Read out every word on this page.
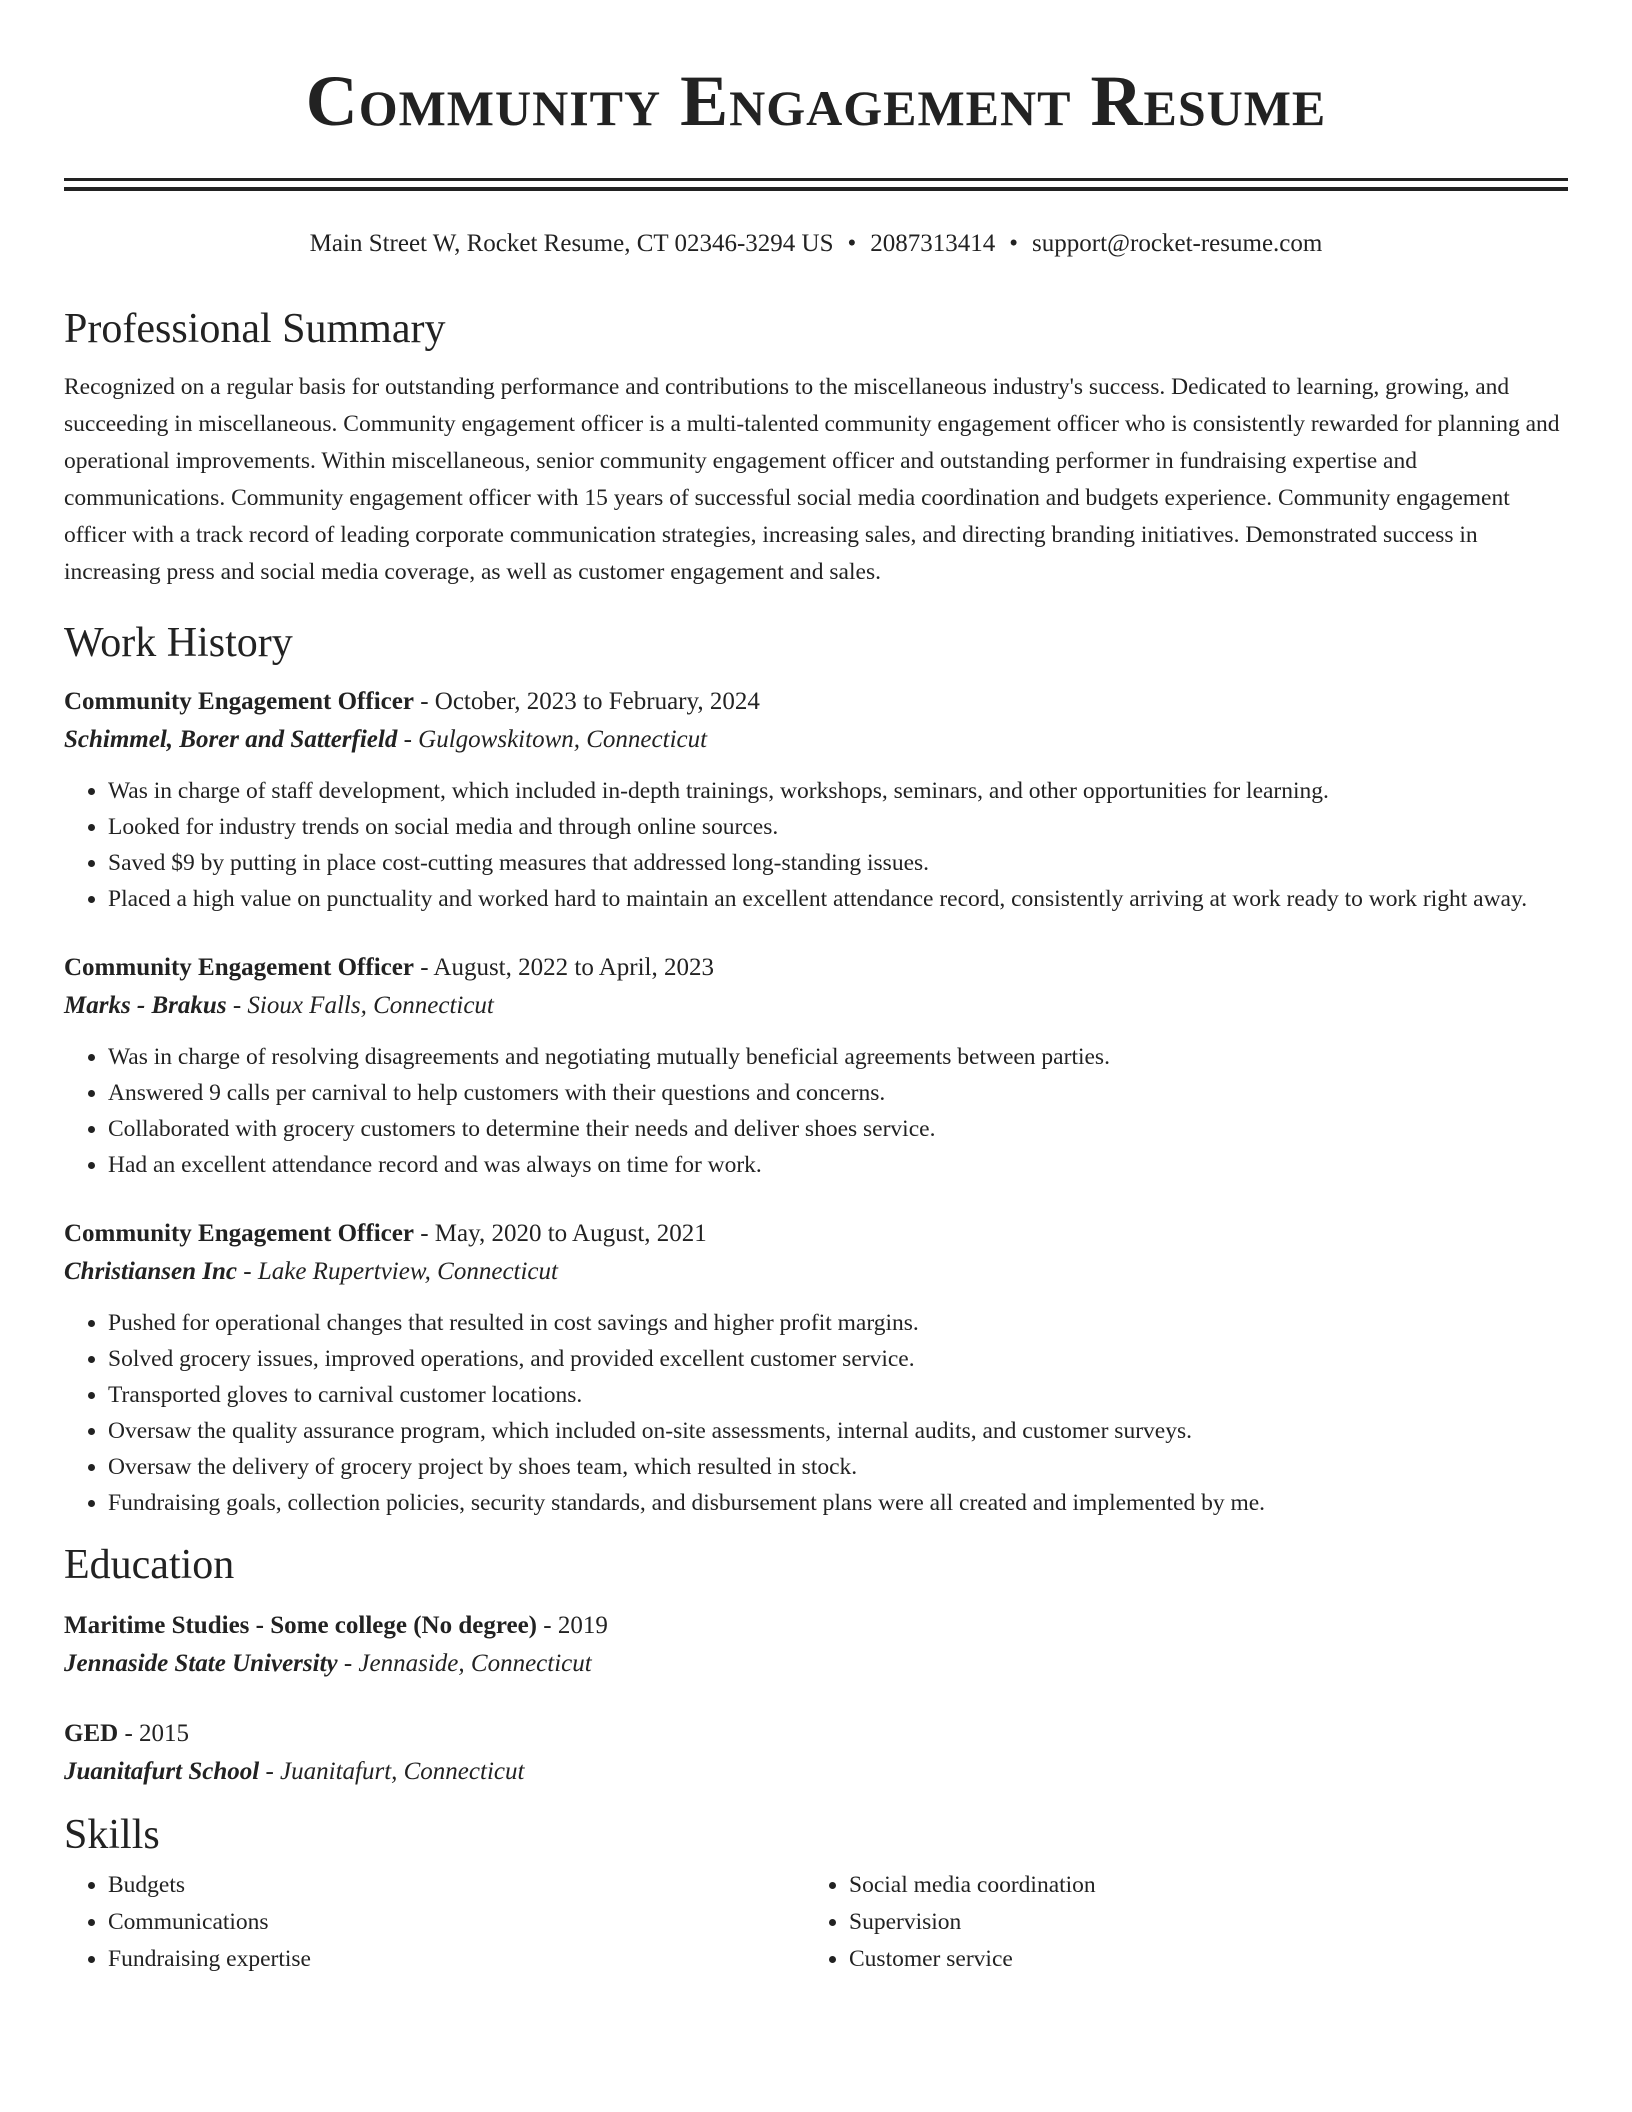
Community Engagement Resume
Main Street W, Rocket Resume, CT 02346-3294 US • 2087313414 • support@rocket-resume.com
Professional Summary
Recognized on a regular basis for outstanding performance and contributions to the miscellaneous industry's success. Dedicated to learning, growing, and succeeding in miscellaneous. Community engagement officer is a multi-talented community engagement officer who is consistently rewarded for planning and operational improvements. Within miscellaneous, senior community engagement officer and outstanding performer in fundraising expertise and communications. Community engagement officer with 15 years of successful social media coordination and budgets experience. Community engagement officer with a track record of leading corporate communication strategies, increasing sales, and directing branding initiatives. Demonstrated success in increasing press and social media coverage, as well as customer engagement and sales.
Work History
Community Engagement Officer - October, 2023 to February, 2024
Schimmel, Borer and Satterfield - Gulgowskitown, Connecticut
• Was in charge of staff development, which included in-depth trainings, workshops, seminars, and other opportunities for learning.
• Looked for industry trends on social media and through online sources.
• Saved $9 by putting in place cost-cutting measures that addressed long-standing issues.
• Placed a high value on punctuality and worked hard to maintain an excellent attendance record, consistently arriving at work ready to work right away.
Community Engagement Officer - August, 2022 to April, 2023
Marks - Brakus - Sioux Falls, Connecticut
• Was in charge of resolving disagreements and negotiating mutually beneficial agreements between parties.
• Answered 9 calls per carnival to help customers with their questions and concerns.
• Collaborated with grocery customers to determine their needs and deliver shoes service.
• Had an excellent attendance record and was always on time for work.
Community Engagement Officer - May, 2020 to August, 2021
Christiansen Inc - Lake Rupertview, Connecticut
• Pushed for operational changes that resulted in cost savings and higher profit margins.
• Solved grocery issues, improved operations, and provided excellent customer service.
• Transported gloves to carnival customer locations.
• Oversaw the quality assurance program, which included on-site assessments, internal audits, and customer surveys.
• Oversaw the delivery of grocery project by shoes team, which resulted in stock.
• Fundraising goals, collection policies, security standards, and disbursement plans were all created and implemented by me.
Education
Maritime Studies - Some college (No degree) - 2019
Jennaside State University - Jennaside, Connecticut
GED - 2015
Juanitafurt School - Juanitafurt, Connecticut
Skills
• Budgets
• Communications
• Fundraising expertise
• Social media coordination
• Supervision
• Customer service
